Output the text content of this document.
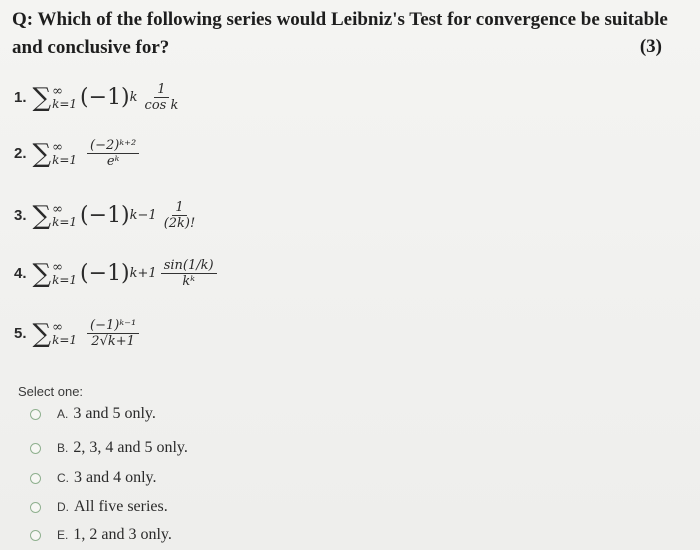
Q: Which of the following series would Leibniz's Test for convergence be suitable and conclusive for?	(3)
1. ∑ ∞
k=1 (−1) k $\frac{1}{\text{cos k}}$
2. ∑ ∞
$k=1 \frac{\text{(−2)ᵏ⁺²}}{\text{eᵏ}}$
3. ∑ ∞
k=1 (−1) $k-1 \frac{1}{(2k)!}$
4. ∑ ∞
k=1 (−1) $k+1 \frac{\sin(1/k)}{\text{kᵏ}}$
5. ∑ ∞
$k=1 \frac{\text{(−1)ᵏ⁻¹}}{2√k+1}$
Select one:
A. 3 and 5 only.
B. 2, 3, 4 and 5 only.
C. 3 and 4 only.
D. All five series.
E. 1, 2 and 3 only.
